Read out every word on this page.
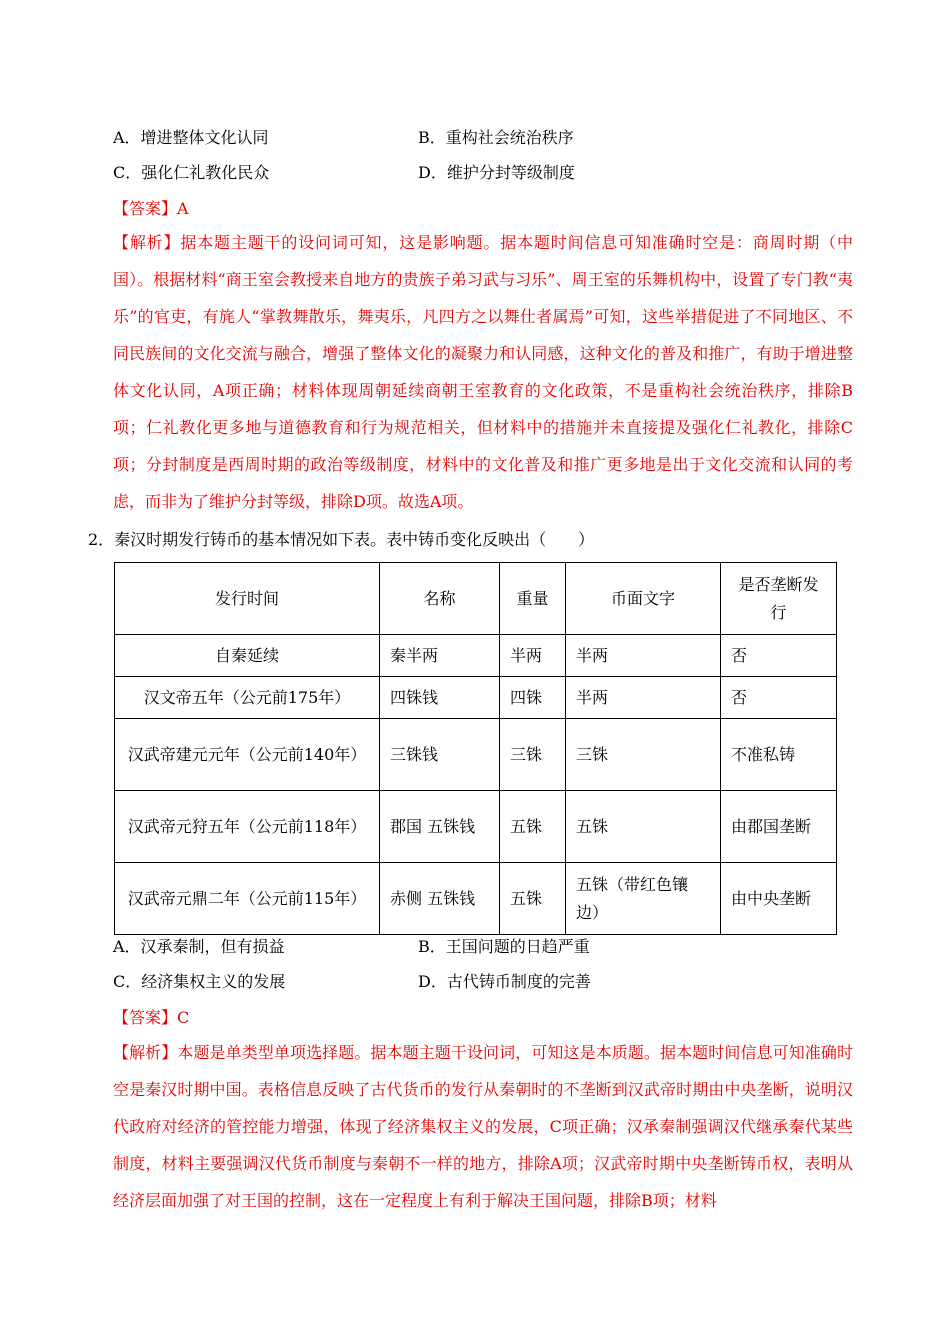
A．增进整体文化认同	B．重构社会统治秩序
C．强化仁礼教化民众	D．维护分封等级制度
【答案】A
【解析】据本题主题干的设问词可知，这是影响题。据本题时间信息可知准确时空是：商周时期（中国）。根据材料“商王室会教授来自地方的贵族子弟习武与习乐”、周王室的乐舞机构中，设置了专门教“夷乐”的官吏，有旄人“掌教舞散乐，舞夷乐，凡四方之以舞仕者属焉”可知，这些举措促进了不同地区、不同民族间的文化交流与融合，增强了整体文化的凝聚力和认同感，这种文化的普及和推广，有助于增进整体文化认同，A项正确；材料体现周朝延续商朝王室教育的文化政策，不是重构社会统治秩序，排除B项；仁礼教化更多地与道德教育和行为规范相关，但材料中的措施并未直接提及强化仁礼教化，排除C项；分封制度是西周时期的政治等级制度，材料中的文化普及和推广更多地是出于文化交流和认同的考虑，而非为了维护分封等级，排除D项。故选A项。
2．秦汉时期发行铸币的基本情况如下表。表中铸币变化反映出（　　）
发行时间	名称	重量	币面文字	是否垄断发行
自秦延续	秦半两	半两	半两	否
汉文帝五年（公元前175年）	四铢钱	四铢	半两	否
汉武帝建元元年（公元前140年）	三铢钱	三铢	三铢	不准私铸
汉武帝元狩五年（公元前118年）	郡国 五铢钱	五铢	五铢	由郡国垄断
汉武帝元鼎二年（公元前115年）	赤侧 五铢钱	五铢	五铢（带红色镶边）	由中央垄断
A．汉承秦制，但有损益	B．王国问题的日趋严重
C．经济集权主义的发展	D．古代铸币制度的完善
【答案】C
【解析】本题是单类型单项选择题。据本题主题干设问词，可知这是本质题。据本题时间信息可知准确时空是秦汉时期中国。表格信息反映了古代货币的发行从秦朝时的不垄断到汉武帝时期由中央垄断，说明汉代政府对经济的管控能力增强，体现了经济集权主义的发展，C项正确；汉承秦制强调汉代继承秦代某些制度，材料主要强调汉代货币制度与秦朝不一样的地方，排除A项；汉武帝时期中央垄断铸币权，表明从经济层面加强了对王国的控制，这在一定程度上有利于解决王国问题，排除B项；材料
